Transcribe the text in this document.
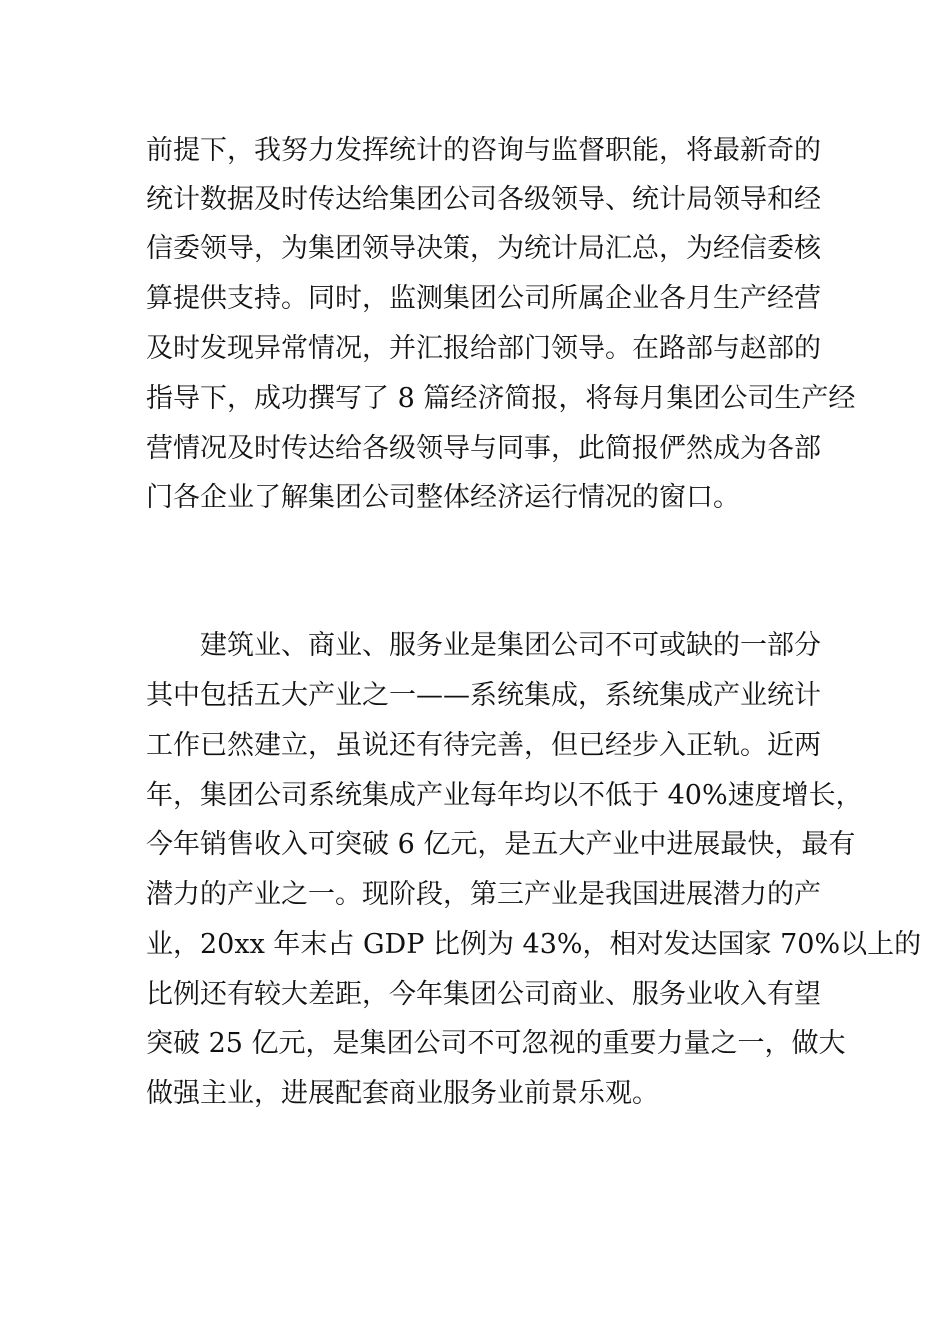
前提下，我努力发挥统计的咨询与监督职能，将最新奇的
统计数据及时传达给集团公司各级领导、统计局领导和经
信委领导，为集团领导决策，为统计局汇总，为经信委核
算提供支持。同时，监测集团公司所属企业各月生产经营
及时发现异常情况，并汇报给部门领导。在路部与赵部的
指导下，成功撰写了 8 篇经济简报，将每月集团公司生产经
营情况及时传达给各级领导与同事，此简报俨然成为各部
门各企业了解集团公司整体经济运行情况的窗口。
建筑业、商业、服务业是集团公司不可或缺的一部分
其中包括五大产业之一——系统集成，系统集成产业统计
工作已然建立，虽说还有待完善，但已经步入正轨。近两
年，集团公司系统集成产业每年均以不低于 40%速度增长，
今年销售收入可突破 6 亿元，是五大产业中进展最快，最有
潜力的产业之一。现阶段，第三产业是我国进展潜力的产
业，20xx 年末占 GDP 比例为 43%，相对发达国家 70%以上的
比例还有较大差距，今年集团公司商业、服务业收入有望
突破 25 亿元，是集团公司不可忽视的重要力量之一，做大
做强主业，进展配套商业服务业前景乐观。
